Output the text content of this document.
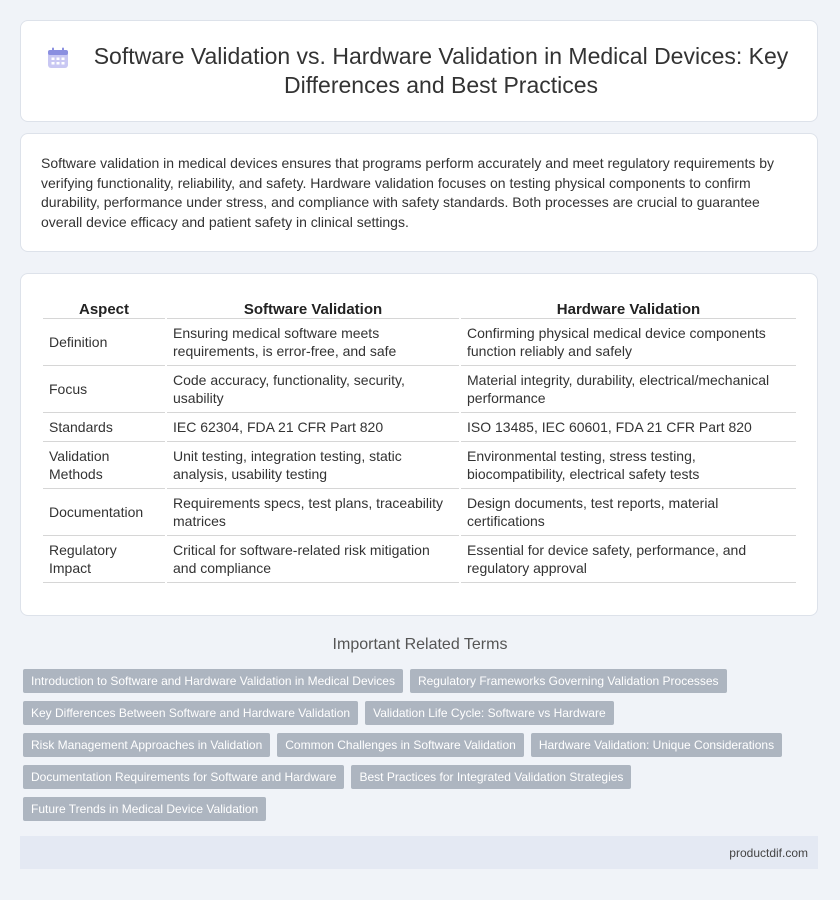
Software Validation vs. Hardware Validation in Medical Devices: Key Differences and Best Practices

Software validation in medical devices ensures that programs perform accurately and meet regulatory requirements by verifying functionality, reliability, and safety. Hardware validation focuses on testing physical components to confirm durability, performance under stress, and compliance with safety standards. Both processes are crucial to guarantee overall device efficacy and patient safety in clinical settings.

Aspect	Software Validation	Hardware Validation
Definition	Ensuring medical software meets requirements, is error-free, and safe	Confirming physical medical device components function reliably and safely
Focus	Code accuracy, functionality, security, usability	Material integrity, durability, electrical/mechanical performance
Standards	IEC 62304, FDA 21 CFR Part 820	ISO 13485, IEC 60601, FDA 21 CFR Part 820
Validation Methods	Unit testing, integration testing, static analysis, usability testing	Environmental testing, stress testing, biocompatibility, electrical safety tests
Documentation	Requirements specs, test plans, traceability matrices	Design documents, test reports, material certifications
Regulatory Impact	Critical for software-related risk mitigation and compliance	Essential for device safety, performance, and regulatory approval
Important Related Terms
Introduction to Software and Hardware Validation in Medical Devices	Regulatory Frameworks Governing Validation Processes
Key Differences Between Software and Hardware Validation	Validation Life Cycle: Software vs Hardware
Risk Management Approaches in Validation	Common Challenges in Software Validation	Hardware Validation: Unique Considerations
Documentation Requirements for Software and Hardware	Best Practices for Integrated Validation Strategies
Future Trends in Medical Device Validation
productdif.com
